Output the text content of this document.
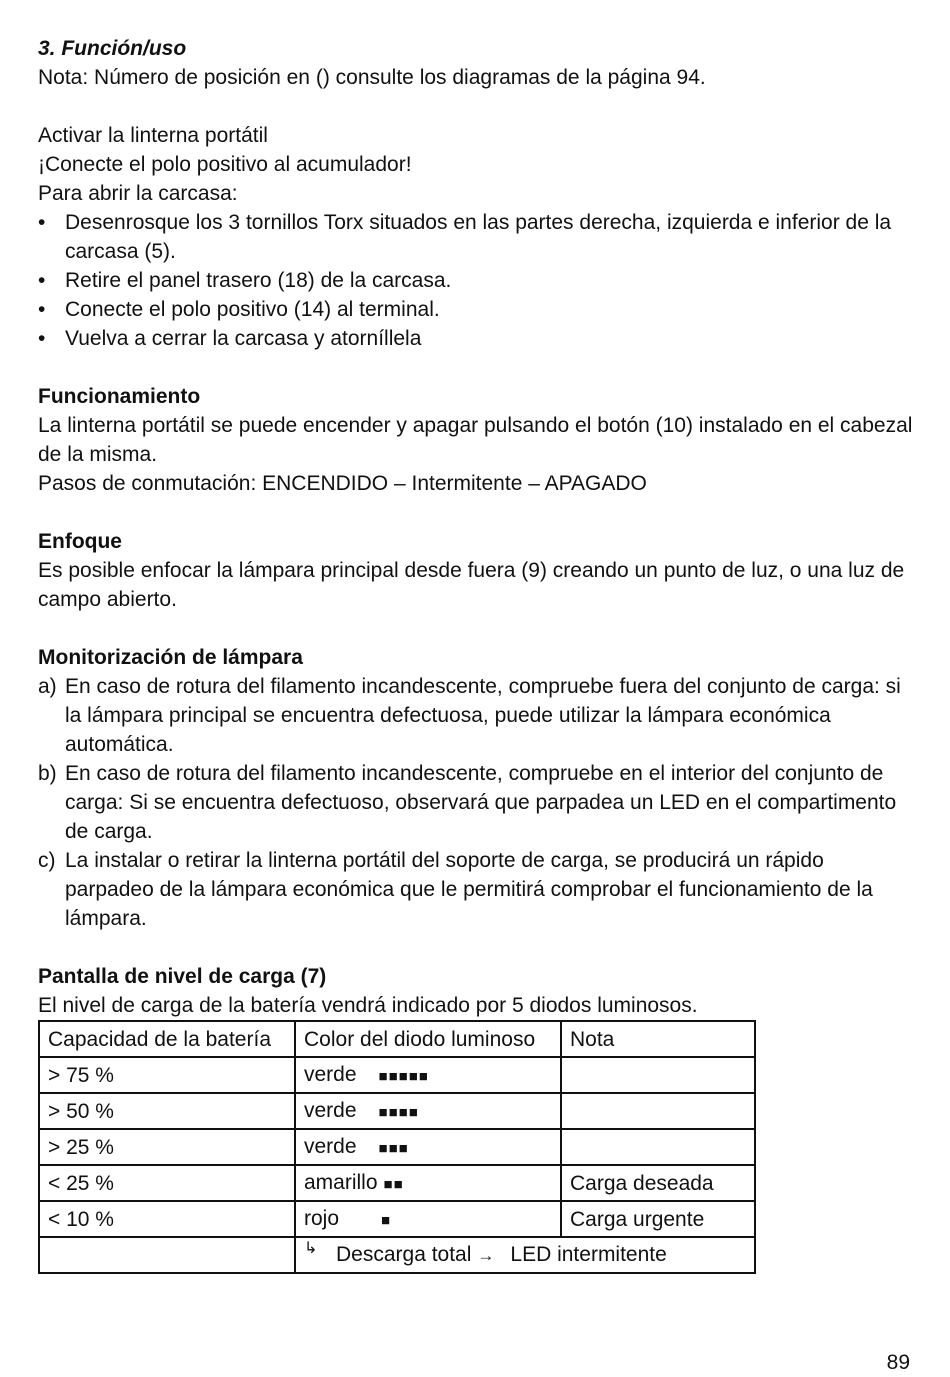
3. Función/uso
Nota: Número de posición en () consulte los diagramas de la página 94.
Activar la linterna portátil
¡Conecte el polo positivo al acumulador!
Para abrir la carcasa:
• Desenrosque los 3 tornillos Torx situados en las partes derecha, izquierda e inferior de la carcasa (5).
• Retire el panel trasero (18) de la carcasa.
• Conecte el polo positivo (14) al terminal.
• Vuelva a cerrar la carcasa y atorníllela
Funcionamiento
La linterna portátil se puede encender y apagar pulsando el botón (10) instalado en el cabezal de la misma.
Pasos de conmutación: ENCENDIDO – Intermitente – APAGADO
Enfoque
Es posible enfocar la lámpara principal desde fuera (9) creando un punto de luz, o una luz de campo abierto.
Monitorización de lámpara
a) En caso de rotura del filamento incandescente, compruebe fuera del conjunto de carga: si la lámpara principal se encuentra defectuosa, puede utilizar la lámpara económica automática.
b) En caso de rotura del filamento incandescente, compruebe en el interior del conjunto de carga: Si se encuentra defectuoso, observará que parpadea un LED en el compartimento de carga.
c) La instalar o retirar la linterna portátil del soporte de carga, se producirá un rápido parpadeo de la lámpara económica que le permitirá comprobar el funcionamiento de la lámpara.
Pantalla de nivel de carga (7)
El nivel de carga de la batería vendrá indicado por 5 diodos luminosos.
Capacidad de la batería	Color del diodo luminoso	Nota
> 75 %	verde ■■■■■	
> 50 %	verde ■■■■	
> 25 %	verde ■■■	
< 25 %	amarillo ■■	Carga deseada
< 10 %	rojo ■	Carga urgente

	↳ Descarga total → LED intermitente	
89
